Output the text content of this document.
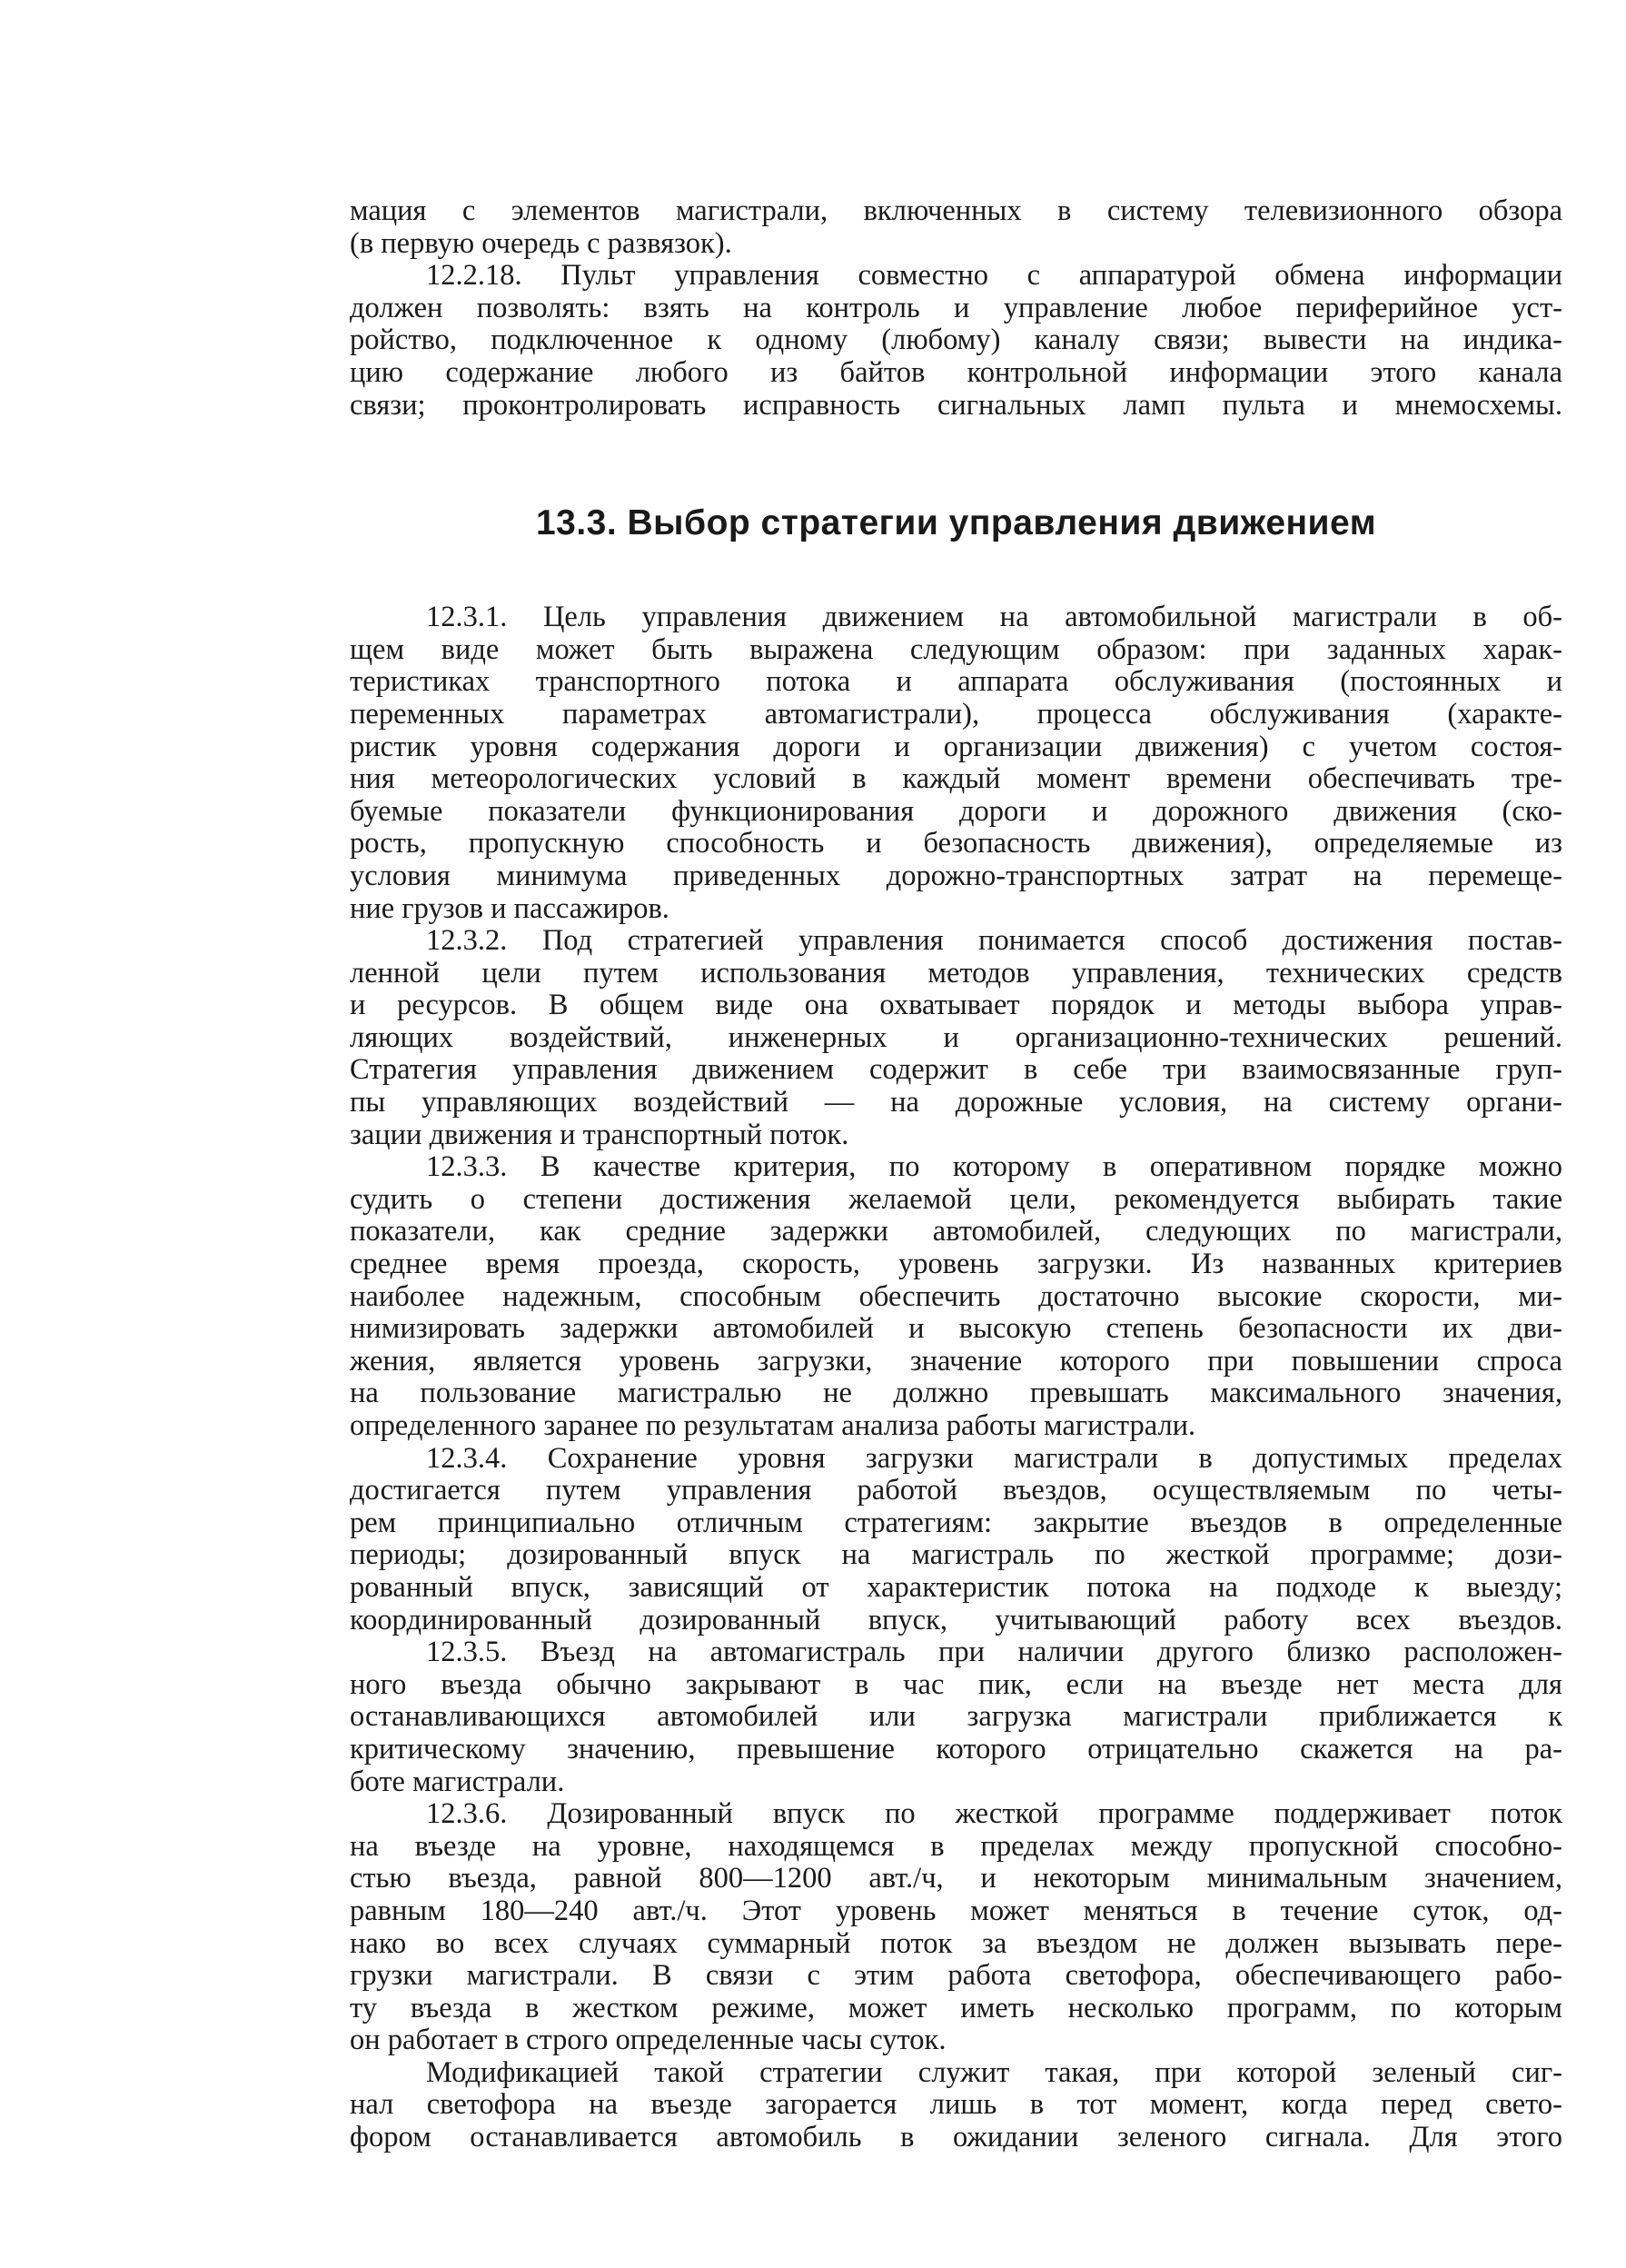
мация с элементов магистрали, включенных в систему телевизионного обзора
(в первую очередь с развязок).
12.2.18. Пульт управления совместно с аппаратурой обмена информации
должен позволять: взять на контроль и управление любое периферийное уст-
ройство, подключенное к одному (любому) каналу связи; вывести на индика-
цию содержание любого из байтов контрольной информации этого канала
связи; проконтролировать исправность сигнальных ламп пульта и мнемосхемы.
13.3. Выбор стратегии управления движением
12.3.1. Цель управления движением на автомобильной магистрали в об-
щем виде может быть выражена следующим образом: при заданных харак-
теристиках транспортного потока и аппарата обслуживания (постоянных и
переменных параметрах автомагистрали), процесса обслуживания (характе-
ристик уровня содержания дороги и организации движения) с учетом состоя-
ния метеорологических условий в каждый момент времени обеспечивать тре-
буемые показатели функционирования дороги и дорожного движения (ско-
рость, пропускную способность и безопасность движения), определяемые из
условия минимума приведенных дорожно-транспортных затрат на перемеще-
ние грузов и пассажиров.
12.3.2. Под стратегией управления понимается способ достижения постав-
ленной цели путем использования методов управления, технических средств
и ресурсов. В общем виде она охватывает порядок и методы выбора управ-
ляющих воздействий, инженерных и организационно-технических решений.
Стратегия управления движением содержит в себе три взаимосвязанные груп-
пы управляющих воздействий — на дорожные условия, на систему органи-
зации движения и транспортный поток.
12.3.3. В качестве критерия, по которому в оперативном порядке можно
судить о степени достижения желаемой цели, рекомендуется выбирать такие
показатели, как средние задержки автомобилей, следующих по магистрали,
среднее время проезда, скорость, уровень загрузки. Из названных критериев
наиболее надежным, способным обеспечить достаточно высокие скорости, ми-
нимизировать задержки автомобилей и высокую степень безопасности их дви-
жения, является уровень загрузки, значение которого при повышении спроса
на пользование магистралью не должно превышать максимального значения,
определенного заранее по результатам анализа работы магистрали.
12.3.4. Сохранение уровня загрузки магистрали в допустимых пределах
достигается путем управления работой въездов, осуществляемым по четы-
рем принципиально отличным стратегиям: закрытие въездов в определенные
периоды; дозированный впуск на магистраль по жесткой программе; дози-
рованный впуск, зависящий от характеристик потока на подходе к выезду;
координированный дозированный впуск, учитывающий работу всех въездов.
12.3.5. Въезд на автомагистраль при наличии другого близко расположен-
ного въезда обычно закрывают в час пик, если на въезде нет места для
останавливающихся автомобилей или загрузка магистрали приближается к
критическому значению, превышение которого отрицательно скажется на ра-
боте магистрали.
12.3.6. Дозированный впуск по жесткой программе поддерживает поток
на въезде на уровне, находящемся в пределах между пропускной способно-
стью въезда, равной 800—1200 авт./ч, и некоторым минимальным значением,
равным 180—240 авт./ч. Этот уровень может меняться в течение суток, од-
нако во всех случаях суммарный поток за въездом не должен вызывать пере-
грузки магистрали. В связи с этим работа светофора, обеспечивающего рабо-
ту въезда в жестком режиме, может иметь несколько программ, по которым
он работает в строго определенные часы суток.
Модификацией такой стратегии служит такая, при которой зеленый сиг-
нал светофора на въезде загорается лишь в тот момент, когда перед свето-
фором останавливается автомобиль в ожидании зеленого сигнала. Для этого
